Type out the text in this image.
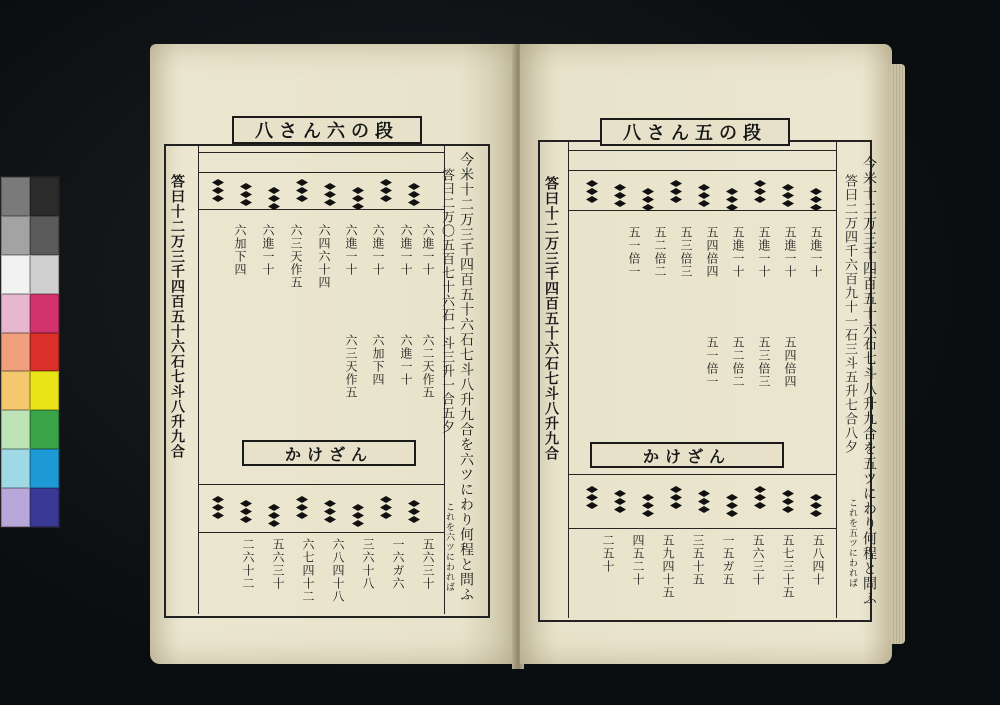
八さん六の段
今米十二万三千四百五十六石七斗八升九合を六ツにわり何程と問ふ
答曰二万〇五百七十六石一斗三升一合五夕
これを六ツにわれば
答曰十二万三千四百五十六石七斗八升九合	六進一十
六進一十
六進一十
六進一十
六四六十四
六三天作五
六進一十
六加下四
六二天作五
六進一十
六加下四
六三天作五
かけざん
五六三十
一六ガ六
三六十八
六八四十八
六七四十二
五六三十
二六十二
八さん五の段
今米十二万三千四百五十六石七斗八升九合を五ツにわり何程と問ふ
答曰二万四千六百九十一石三斗五升七合八夕
これを五ツにわれば
答曰十二万三千四百五十六石七斗八升九合	五進一十
五進一十
五進一十
五進一十
五四倍四
五三倍三
五二倍二
五一倍一
五四倍四
五三倍三
五二倍二
五一倍一
かけざん
五八四十
五七三十五
五六三十
一五ガ五
三五十五
五九四十五
四五二十
二五十
